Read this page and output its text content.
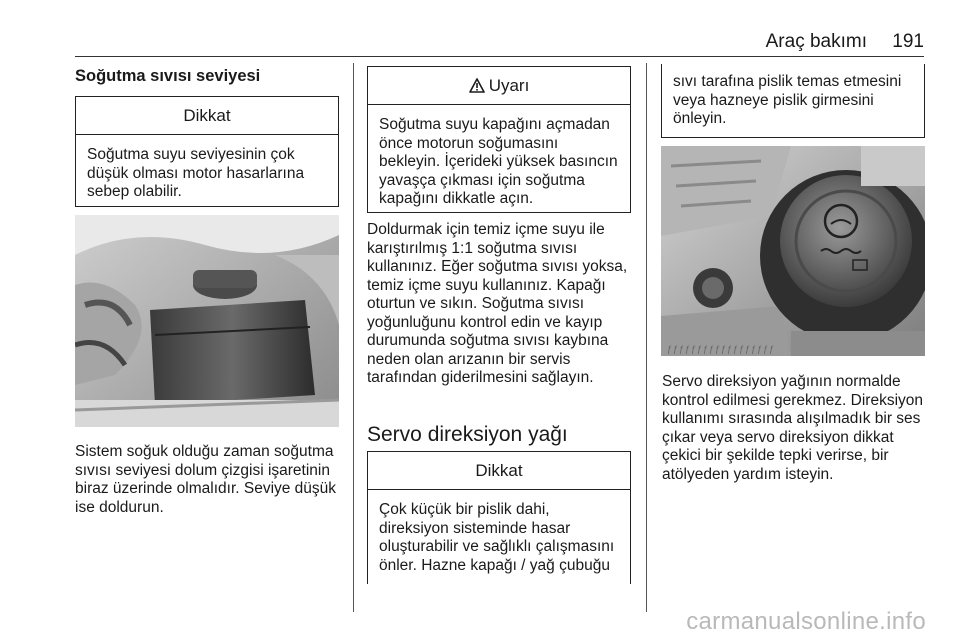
Araç bakımı 191
Soğutma sıvısı seviyesi
Dikkat
Soğutma suyu seviyesinin çok düşük olması motor hasarlarına sebep olabilir.
Sistem soğuk olduğu zaman soğutma sıvısı seviyesi dolum çizgisi işaretinin biraz üzerinde olmalıdır. Seviye düşük ise doldurun.
Uyarı
Soğutma suyu kapağını açmadan önce motorun soğumasını bekleyin. İçerideki yüksek basıncın yavaşça çıkması için soğutma kapağını dikkatle açın.
Doldurmak için temiz içme suyu ile karıştırılmış 1:1 soğutma sıvısı kullanınız. Eğer soğutma sıvısı yoksa, temiz içme suyu kullanınız. Kapağı oturtun ve sıkın. Soğutma sıvısı yoğunluğunu kontrol edin ve kayıp durumunda soğutma sıvısı kaybına neden olan arızanın bir servis tarafından giderilmesini sağlayın.
Servo direksiyon yağı
Dikkat
Çok küçük bir pislik dahi, direksiyon sisteminde hasar oluşturabilir ve sağlıklı çalışmasını önler. Hazne kapağı / yağ çubuğu
sıvı tarafına pislik temas etmesini veya hazneye pislik girmesini önleyin.
ƒƒƒƒƒƒƒƒƒƒƒƒƒƒƒƒƒƒ
Servo direksiyon yağının normalde kontrol edilmesi gerekmez. Direksiyon kullanımı sırasında alışılmadık bir ses çıkar veya servo direksiyon dikkat çekici bir şekilde tepki verirse, bir atölyeden yardım isteyin.
carmanualsonline.info
